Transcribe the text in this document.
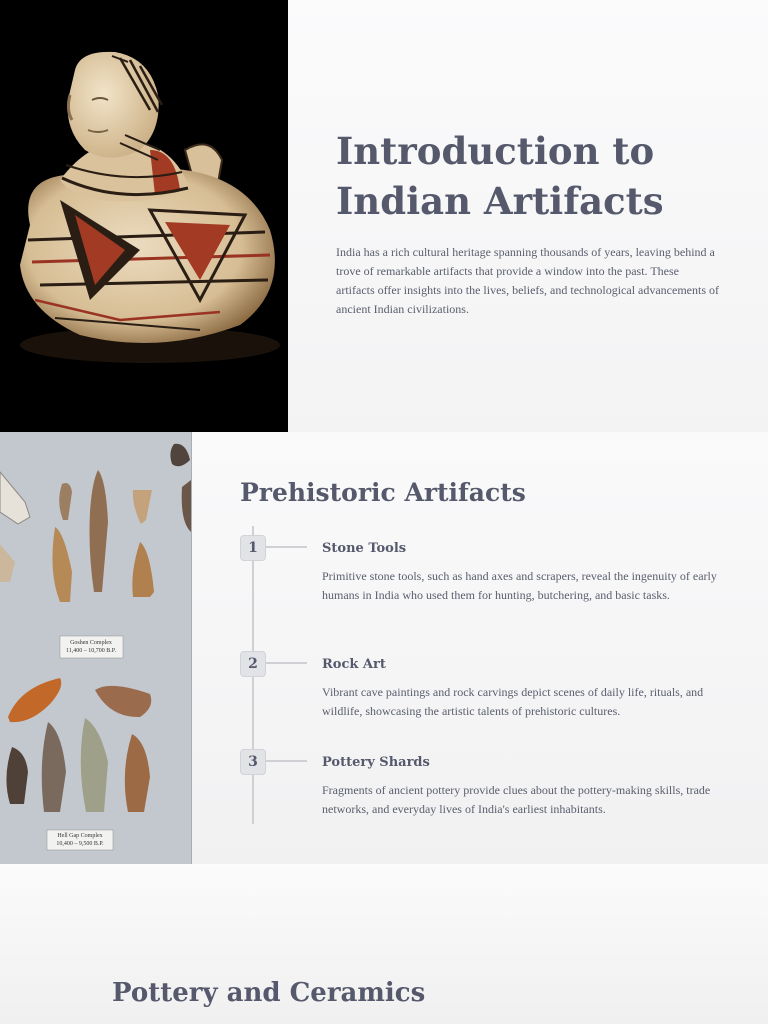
Introduction to
Indian Artifacts

India has a rich cultural heritage spanning thousands of years, leaving behind a trove of remarkable artifacts that provide a window into the past. These artifacts offer insights into the lives, beliefs, and technological advancements of ancient Indian civilizations.

Goshen Complex
11,400 – 10,700 B.P.
Hell Gap Complex
10,400 – 9,500 B.P.
Prehistoric Artifacts
1	Stone Tools

Primitive stone tools, such as hand axes and scrapers, reveal the ingenuity of early humans in India who used them for hunting, butchering, and basic tasks.

2	Rock Art

Vibrant cave paintings and rock carvings depict scenes of daily life, rituals, and wildlife, showcasing the artistic talents of prehistoric cultures.

3	Pottery Shards

Fragments of ancient pottery provide clues about the pottery-making skills, trade networks, and everyday lives of India's earliest inhabitants.

Pottery and Ceramics
